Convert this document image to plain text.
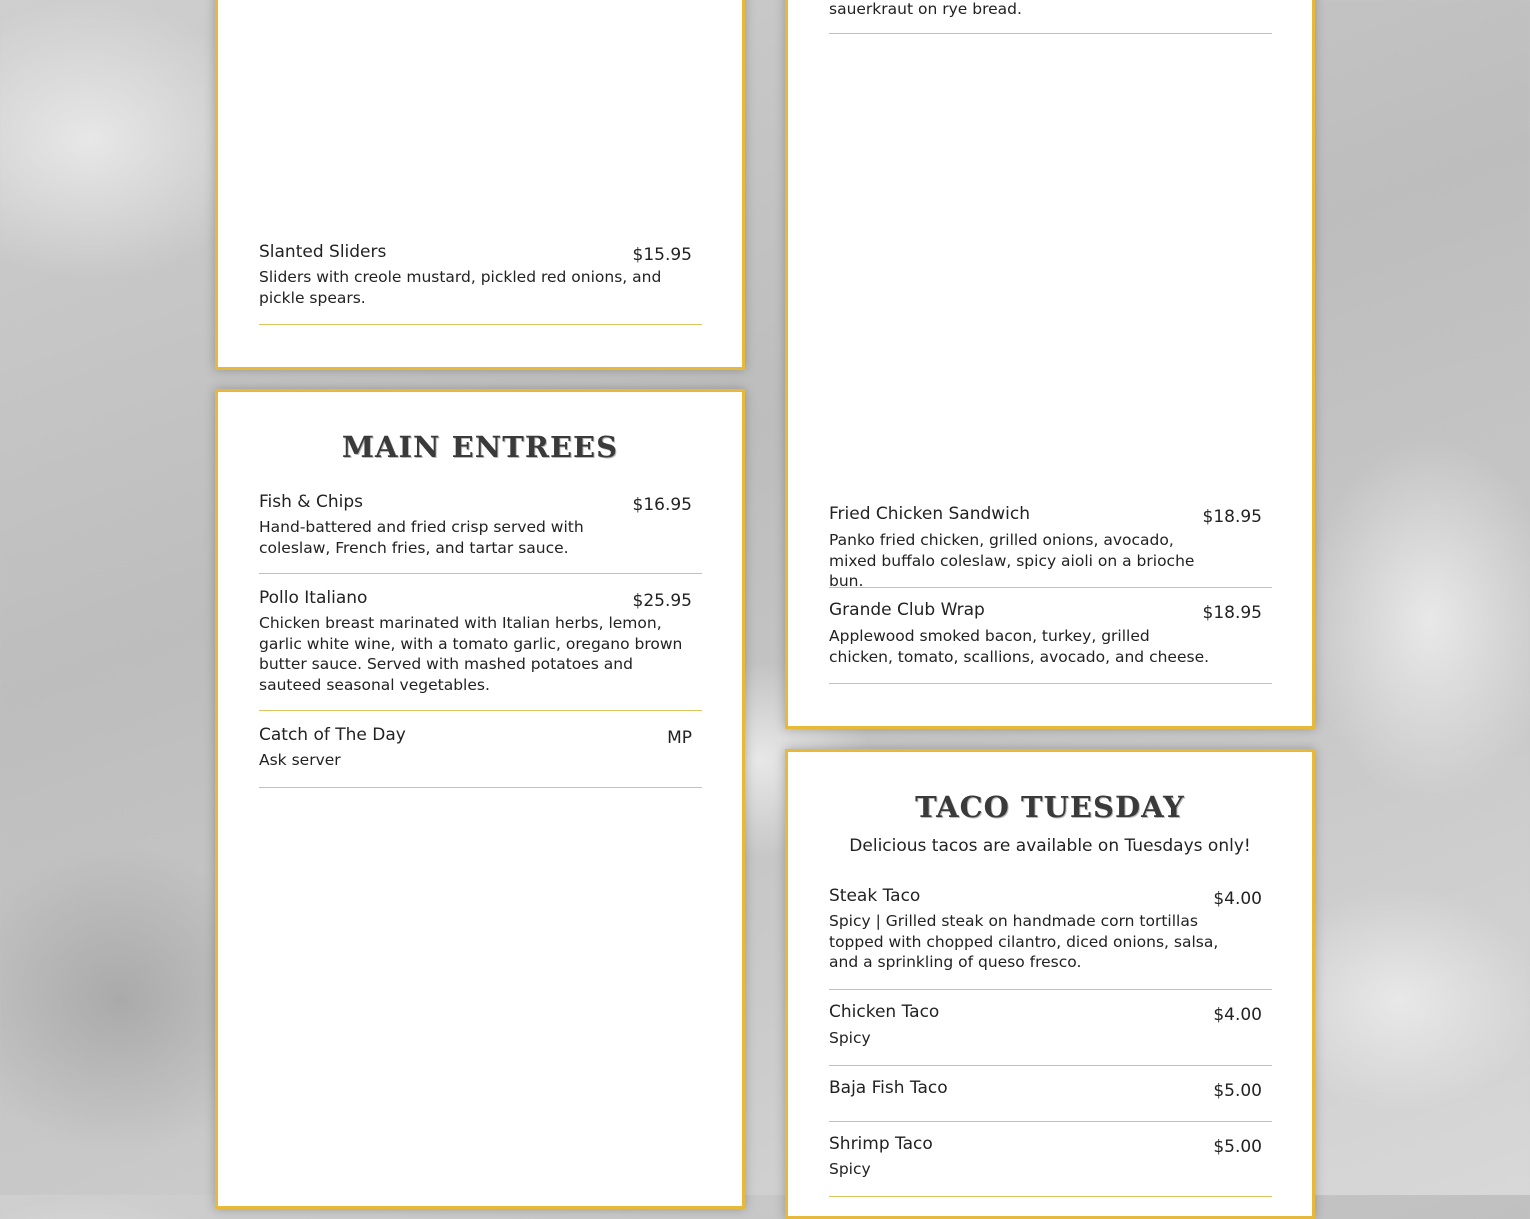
Slanted Sliders	$15.95
Sliders with creole mustard, pickled red onions, and pickle spears.
MAIN ENTREES
Fish & Chips	$16.95
Hand-battered and fried crisp served with coleslaw, French fries, and tartar sauce.
Pollo Italiano	$25.95
Chicken breast marinated with Italian herbs, lemon, garlic white wine, with a tomato garlic, oregano brown butter sauce. Served with mashed potatoes and sauteed seasonal vegetables.
Catch of The Day	MP
Ask server
sauerkraut on rye bread.
Fried Chicken Sandwich	$18.95
Panko fried chicken, grilled onions, avocado, mixed buffalo coleslaw, spicy aioli on a brioche bun.
Grande Club Wrap	$18.95
Applewood smoked bacon, turkey, grilled chicken, tomato, scallions, avocado, and cheese.
TACO TUESDAY
Delicious tacos are available on Tuesdays only!
Steak Taco	$4.00
Spicy | Grilled steak on handmade corn tortillas topped with chopped cilantro, diced onions, salsa, and a sprinkling of queso fresco.
Chicken Taco	$4.00
Spicy
Baja Fish Taco	$5.00
Shrimp Taco	$5.00
Spicy
